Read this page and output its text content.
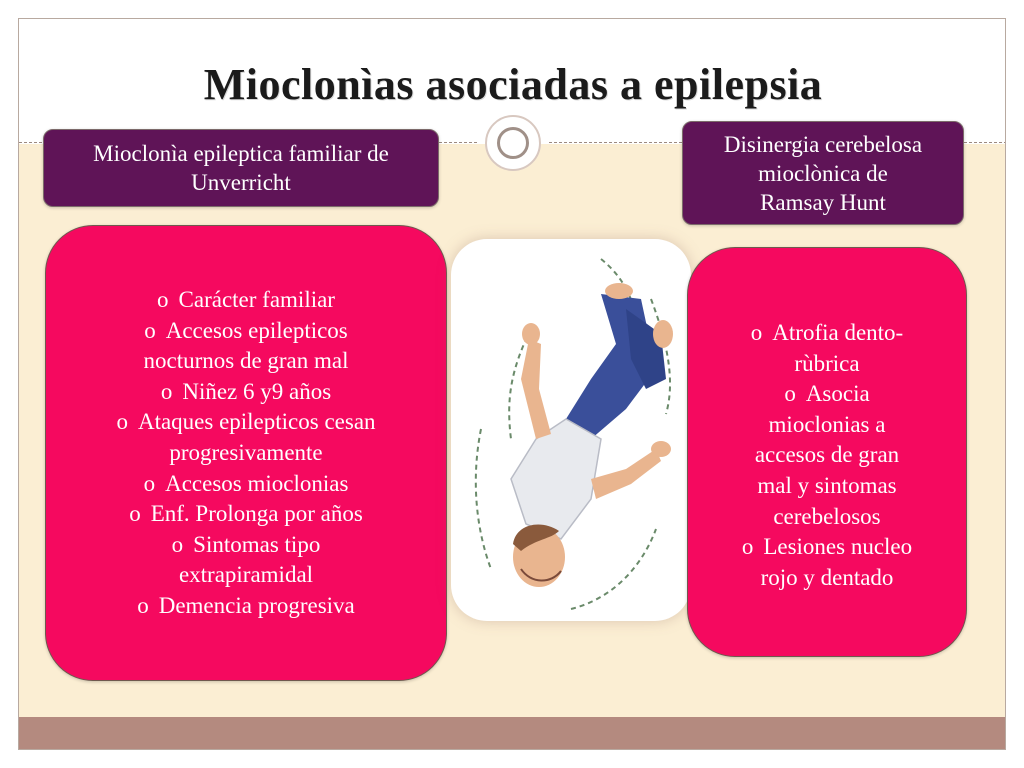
Mioclonìas asociadas a epilepsia
Mioclonìa epileptica familiar de
Unverricht
Disinergia cerebelosa
mioclònica de
Ramsay Hunt
o Carácter familiar
o Accesos epilepticos
nocturnos de gran mal
o Niñez 6 y9 años
o Ataques epilepticos cesan
progresivamente
o Accesos mioclonias
o Enf. Prolonga por años
o Sintomas tipo
extrapiramidal
o Demencia progresiva
o Atrofia dento-
rùbrica
o Asocia
mioclonias a
accesos de gran
mal y sintomas
cerebelosos
o Lesiones nucleo
rojo y dentado
